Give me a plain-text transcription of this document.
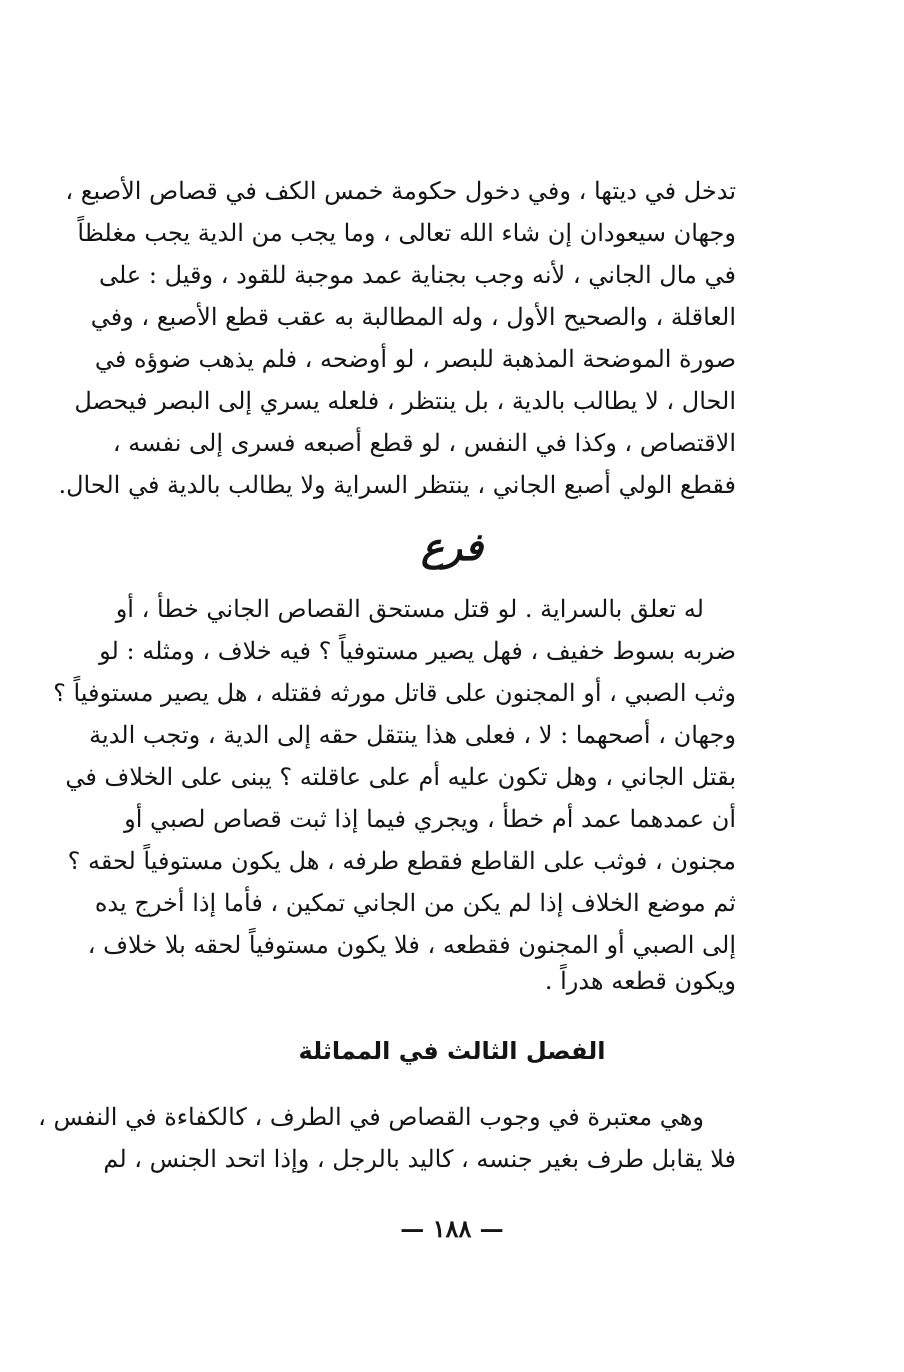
تدخل في ديتها ، وفي دخول حكومة خمس الكف في قصاص الأصبع ،
وجهان سيعودان إن شاء الله تعالى ، وما يجب من الدية يجب مغلظاً
في مال الجاني ، لأنه وجب بجناية عمد موجبة للقود ، وقيل : على
العاقلة ، والصحيح الأول ، وله المطالبة به عقب قطع الأصبع ، وفي
صورة الموضحة المذهبة للبصر ، لو أوضحه ، فلم يذهب ضوؤه في
الحال ، لا يطالب بالدية ، بل ينتظر ، فلعله يسري إلى البصر فيحصل
الاقتصاص ، وكذا في النفس ، لو قطع أصبعه فسرى إلى نفسه ،
فقطع الولي أصبع الجاني ، ينتظر السراية ولا يطالب بالدية في الحال.
فرع
له تعلق بالسراية . لو قتل مستحق القصاص الجاني خطأ ، أو
ضربه بسوط خفيف ، فهل يصير مستوفياً ؟ فيه خلاف ، ومثله : لو
وثب الصبي ، أو المجنون على قاتل مورثه فقتله ، هل يصير مستوفياً ؟
وجهان ، أصحهما : لا ، فعلى هذا ينتقل حقه إلى الدية ، وتجب الدية
بقتل الجاني ، وهل تكون عليه أم على عاقلته ؟ يبنى على الخلاف في
أن عمدهما عمد أم خطأ ، ويجري فيما إذا ثبت قصاص لصبي أو
مجنون ، فوثب على القاطع فقطع طرفه ، هل يكون مستوفياً لحقه ؟
ثم موضع الخلاف إذا لم يكن من الجاني تمكين ، فأما إذا أخرج يده
إلى الصبي أو المجنون فقطعه ، فلا يكون مستوفياً لحقه بلا خلاف ،
ويكون قطعه هدراً .
الفصل الثالث في المماثلة
وهي معتبرة في وجوب القصاص في الطرف ، كالكفاءة في النفس ،
فلا يقابل طرف بغير جنسه ، كاليد بالرجل ، وإذا اتحد الجنس ، لم
— ١٨٨ —
